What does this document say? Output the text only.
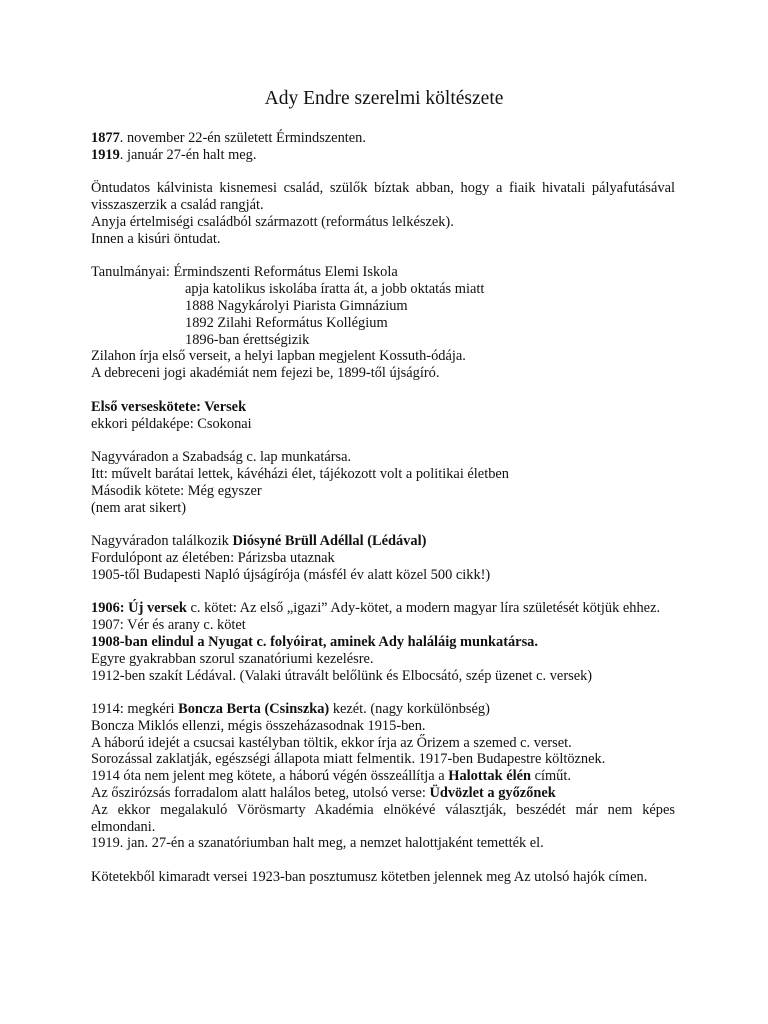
Ady Endre szerelmi költészete
1877. november 22-én született Érmindszenten.
1919. január 27-én halt meg.
Öntudatos kálvinista kisnemesi család, szülők bíztak abban, hogy a fiaik hivatali pályafutásával visszaszerzik a család rangját.
Anyja értelmiségi családból származott (református lelkészek).
Innen a kisúri öntudat.
Tanulmányai: Érmindszenti Református Elemi Iskola
apja katolikus iskolába íratta át, a jobb oktatás miatt
1888 Nagykárolyi Piarista Gimnázium
1892 Zilahi Református Kollégium
1896-ban érettségizik
Zilahon írja első verseit, a helyi lapban megjelent Kossuth-ódája.
A debreceni jogi akadémiát nem fejezi be, 1899-től újságíró.
Első verseskötete: Versek
ekkori példaképe: Csokonai
Nagyváradon a Szabadság c. lap munkatársa.
Itt: művelt barátai lettek, kávéházi élet, tájékozott volt a politikai életben
Második kötete: Még egyszer
(nem arat sikert)
Nagyváradon találkozik Diósyné Brüll Adéllal (Lédával)
Fordulópont az életében: Párizsba utaznak
1905-től Budapesti Napló újságírója (másfél év alatt közel 500 cikk!)
1906: Új versek c. kötet: Az első „igazi” Ady-kötet, a modern magyar líra születését kötjük ehhez.
1907: Vér és arany c. kötet
1908-ban elindul a Nyugat c. folyóirat, aminek Ady haláláig munkatársa.
Egyre gyakrabban szorul szanatóriumi kezelésre.
1912-ben szakít Lédával. (Valaki útravált belőlünk és Elbocsátó, szép üzenet c. versek)
1914: megkéri Boncza Berta (Csinszka) kezét. (nagy korkülönbség)
Boncza Miklós ellenzi, mégis összeházasodnak 1915-ben.
A háború idejét a csucsai kastélyban töltik, ekkor írja az Őrizem a szemed c. verset.
Sorozással zaklatják, egészségi állapota miatt felmentik. 1917-ben Budapestre költöznek.
1914 óta nem jelent meg kötete, a háború végén összeállítja a Halottak élén címűt.
Az őszirózsás forradalom alatt halálos beteg, utolsó verse: Üdvözlet a győzőnek
Az ekkor megalakuló Vörösmarty Akadémia elnökévé választják, beszédét már nem képes elmondani.
1919. jan. 27-én a szanatóriumban halt meg, a nemzet halottjaként temették el.
Kötetekből kimaradt versei 1923-ban posztumusz kötetben jelennek meg Az utolsó hajók címen.
